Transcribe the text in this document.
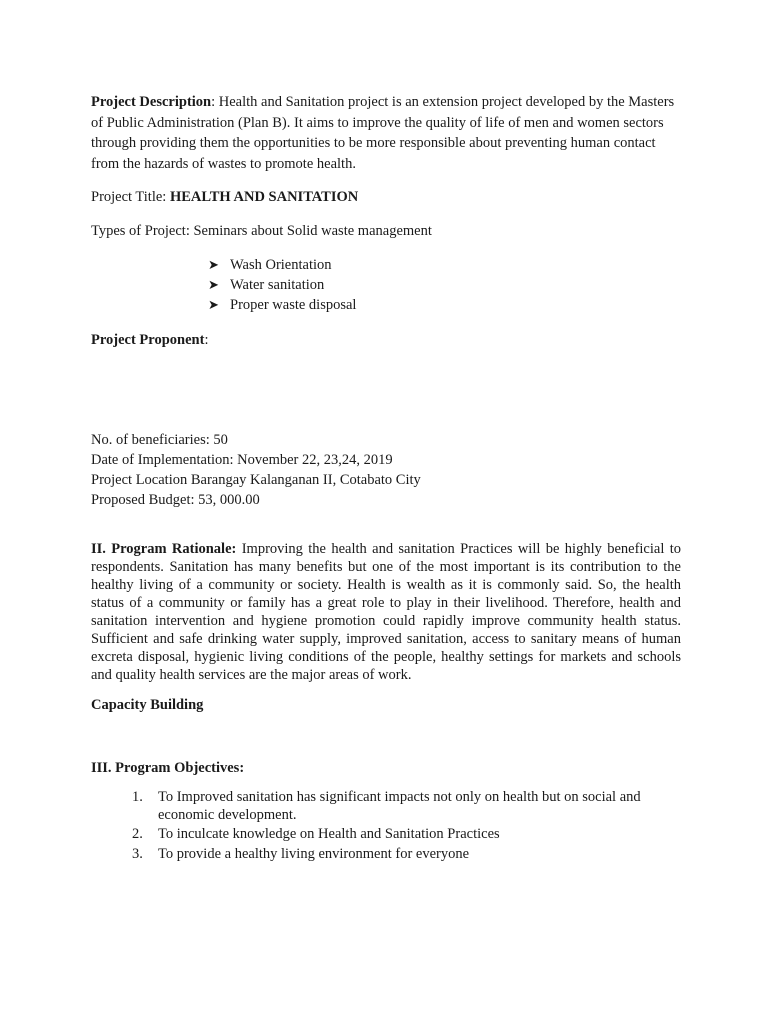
Project Description: Health and Sanitation project is an extension project developed by the Masters of Public Administration (Plan B). It aims to improve the quality of life of men and women sectors through providing them the opportunities to be more responsible about preventing human contact from the hazards of wastes to promote health.
Project Title: HEALTH AND SANITATION
Types of Project: Seminars about Solid waste management
➤ Wash Orientation
➤ Water sanitation
➤ Proper waste disposal
Project Proponent:
No. of beneficiaries: 50
Date of Implementation: November 22, 23,24, 2019
Project Location Barangay Kalanganan II, Cotabato City
Proposed Budget: 53, 000.00
II. Program Rationale: Improving the health and sanitation Practices will be highly beneficial to respondents. Sanitation has many benefits but one of the most important is its contribution to the healthy living of a community or society. Health is wealth as it is commonly said. So, the health status of a community or family has a great role to play in their livelihood. Therefore, health and sanitation intervention and hygiene promotion could rapidly improve community health status. Sufficient and safe drinking water supply, improved sanitation, access to sanitary means of human excreta disposal, hygienic living conditions of the people, healthy settings for markets and schools and quality health services are the major areas of work.
Capacity Building
III. Program Objectives:
1. To Improved sanitation has significant impacts not only on health but on social and economic development.
2. To inculcate knowledge on Health and Sanitation Practices
3. To provide a healthy living environment for everyone
